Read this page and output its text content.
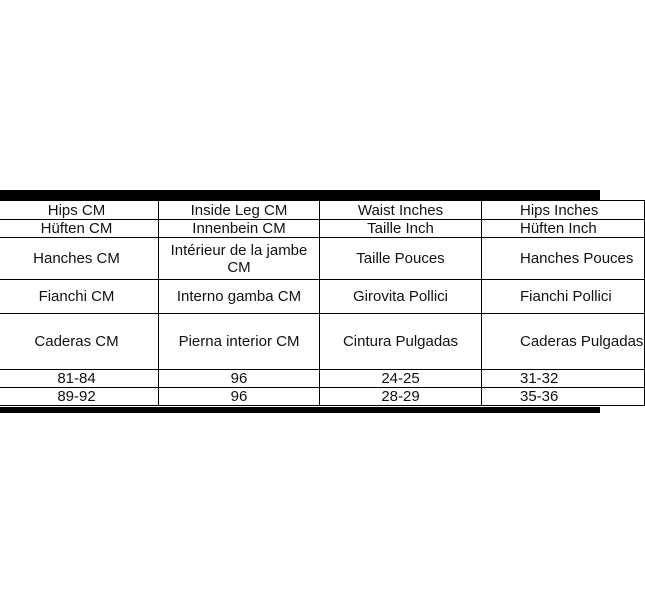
Hips CM	Inside Leg CM	Waist Inches	Hips Inches
Hüften CM	Innenbein CM	Taille Inch	Hüften Inch
Hanches CM	Intérieur de la jambe CM	Taille Pouces	Hanches Pouces
Fianchi CM	Interno gamba CM	Girovita Pollici	Fianchi Pollici
Caderas CM	Pierna interior CM	Cintura Pulgadas	Caderas Pulgadas
81-84	96	24-25	31-32
89-92	96	28-29	35-36
